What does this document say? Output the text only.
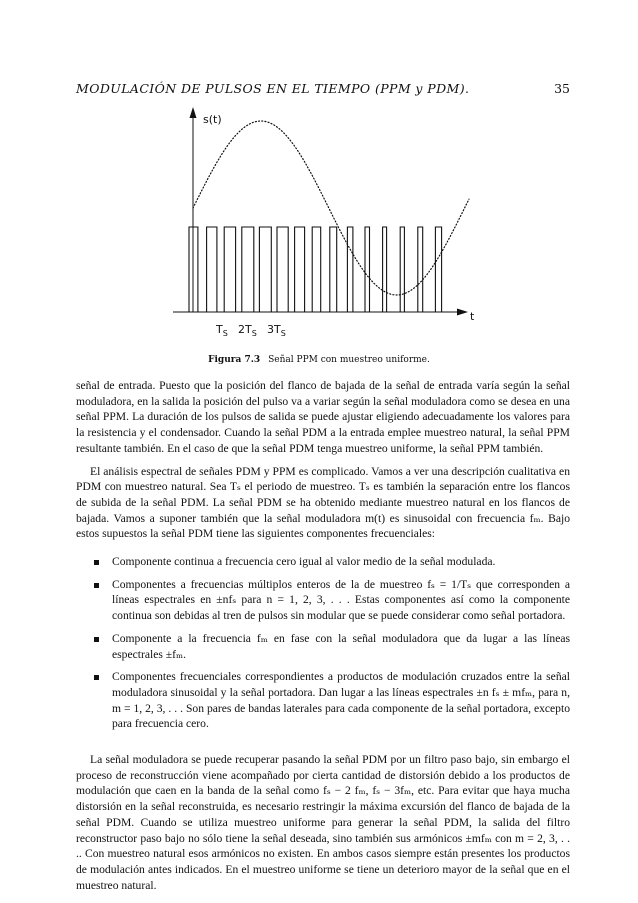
MODULACIÓN DE PULSOS EN EL TIEMPO (PPM y PDM).	35
s(t)
t
$T_S$ $2T_S$ $3T_S$
Figura 7.3 Señal PPM con muestreo uniforme.

señal de entrada. Puesto que la posición del flanco de bajada de la señal de entrada varía según la señal moduladora, en la salida la posición del pulso va a variar según la señal moduladora como se desea en una señal PPM. La duración de los pulsos de salida se puede ajustar eligiendo adecuadamente los valores para la resistencia y el condensador. Cuando la señal PDM a la entrada emplee muestreo natural, la señal PPM resultante también. En el caso de que la señal PDM tenga muestreo uniforme, la señal PPM también.

El análisis espectral de señales PDM y PPM es complicado. Vamos a ver una descripción cualitativa en PDM con muestreo natural. Sea Tₛ el periodo de muestreo. Tₛ es también la separación entre los flancos de subida de la señal PDM. La señal PDM se ha obtenido mediante muestreo natural en los flancos de bajada. Vamos a suponer también que la señal moduladora m(t) es sinusoidal con frecuencia fₘ. Bajo estos supuestos la señal PDM tiene las siguientes componentes frecuenciales:

Componente continua a frecuencia cero igual al valor medio de la señal modulada.
Componentes a frecuencias múltiplos enteros de la de muestreo fₛ = 1/Tₛ que corresponden a líneas espectrales en ±nfₛ para n = 1, 2, 3, . . . Estas componentes así como la componente continua son debidas al tren de pulsos sin modular que se puede considerar como señal portadora.
Componente a la frecuencia fₘ en fase con la señal moduladora que da lugar a las líneas espectrales ±fₘ.
Componentes frecuenciales correspondientes a productos de modulación cruzados entre la señal moduladora sinusoidal y la señal portadora. Dan lugar a las líneas espectrales ±n fₛ ± mfₘ, para n, m = 1, 2, 3, . . . Son pares de bandas laterales para cada componente de la señal portadora, excepto para frecuencia cero.

La señal moduladora se puede recuperar pasando la señal PDM por un filtro paso bajo, sin embargo el proceso de reconstrucción viene acompañado por cierta cantidad de distorsión debido a los productos de modulación que caen en la banda de la señal como fₛ − 2 fₘ, fₛ − 3fₘ, etc. Para evitar que haya mucha distorsión en la señal reconstruida, es necesario restringir la máxima excursión del flanco de bajada de la señal PDM. Cuando se utiliza muestreo uniforme para generar la señal PDM, la salida del filtro reconstructor paso bajo no sólo tiene la señal deseada, sino también sus armónicos ±mfₘ con m = 2, 3, . . .. Con muestreo natural esos armónicos no existen. En ambos casos siempre están presentes los productos de modulación antes indicados. En el muestreo uniforme se tiene un deterioro mayor de la señal que en el muestreo natural.
